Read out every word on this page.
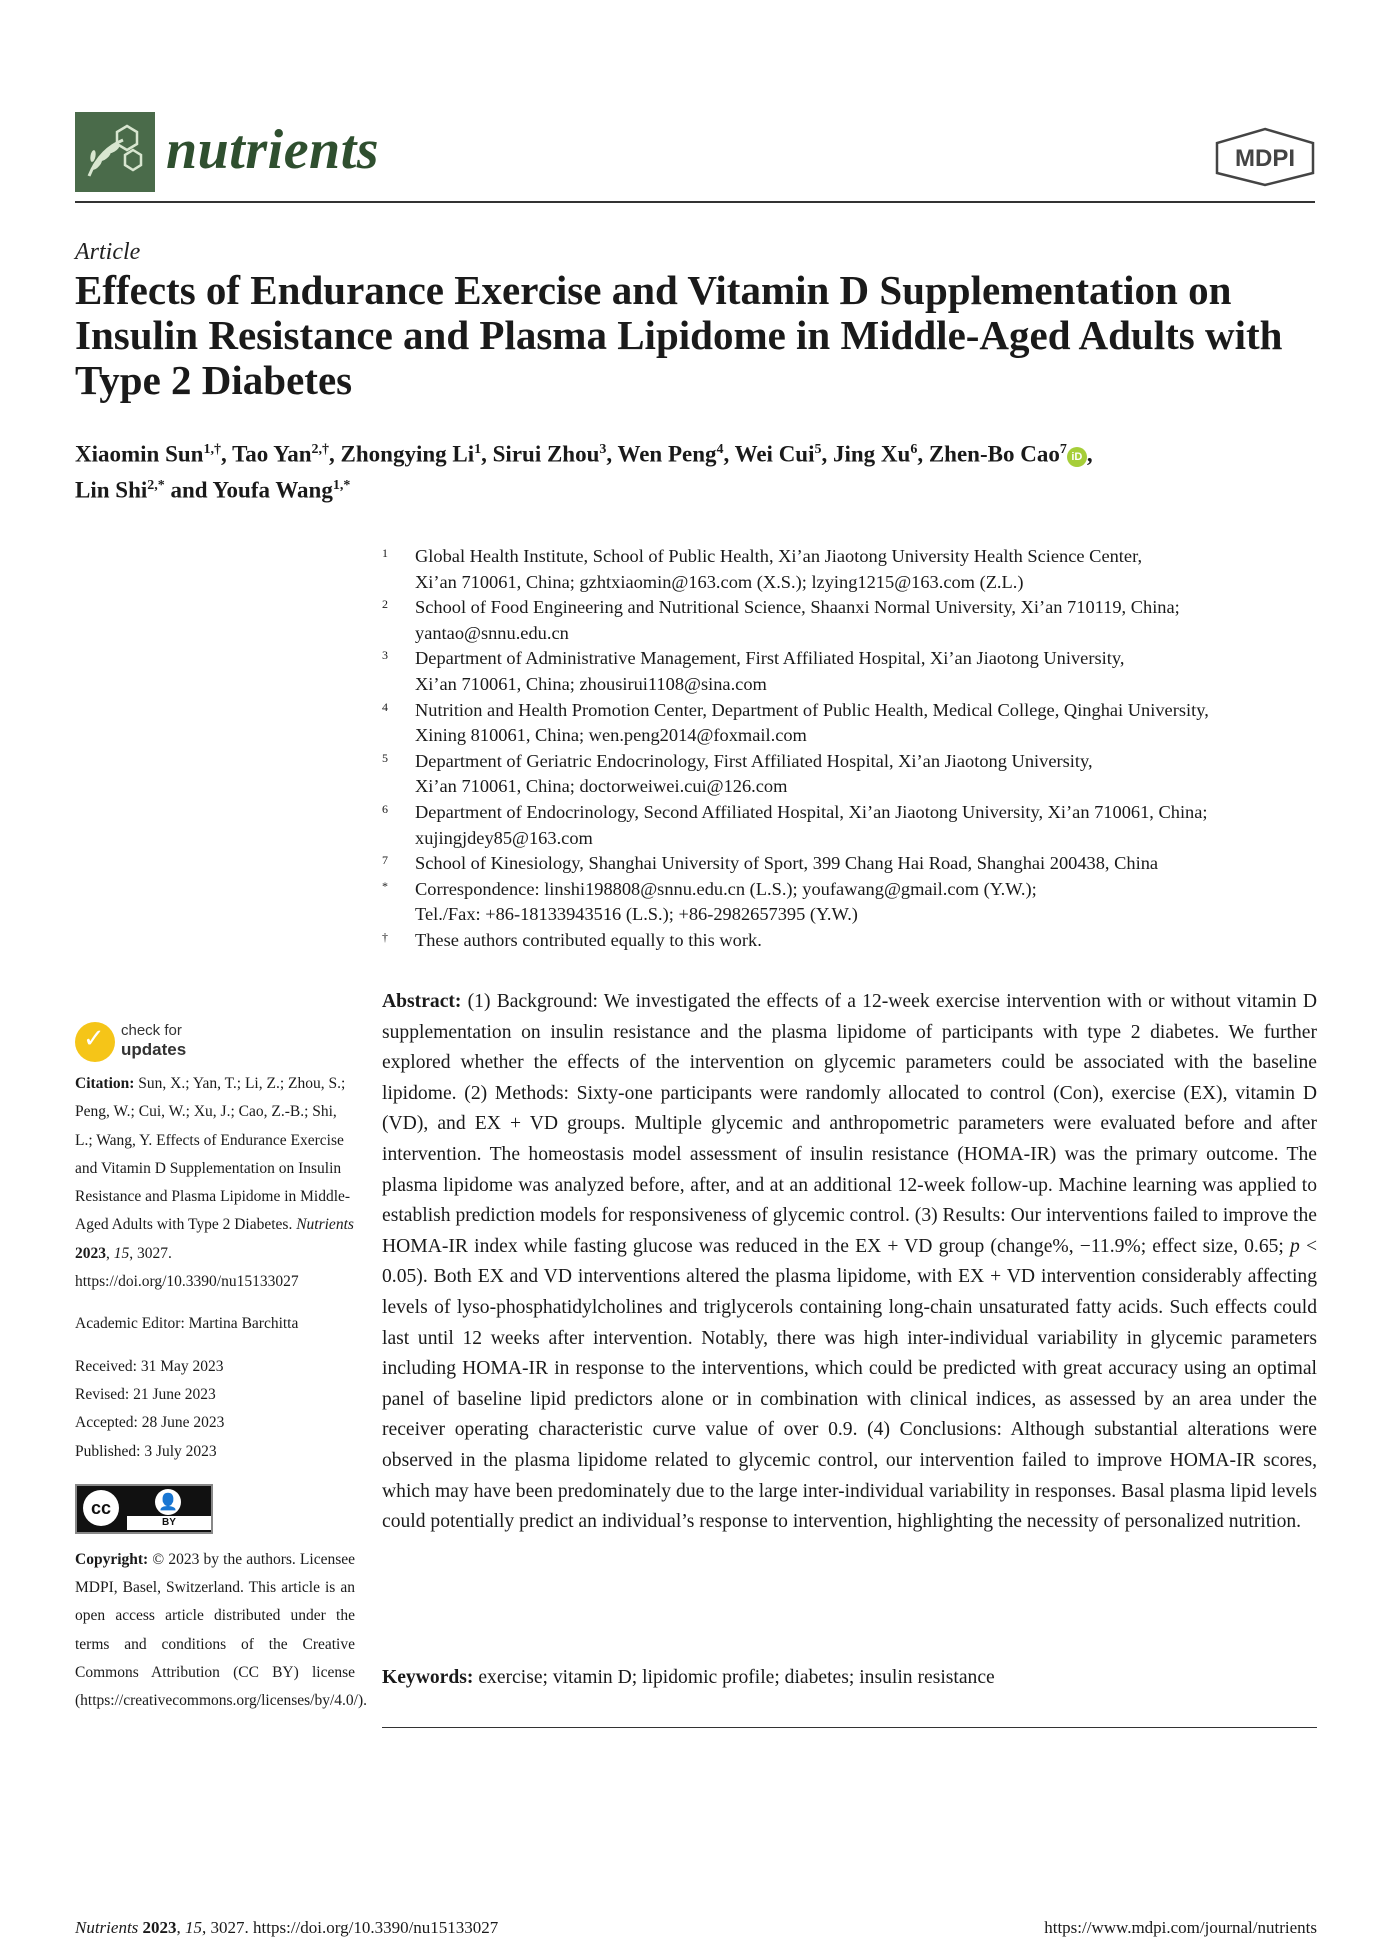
nutrients	MDPI
Article
Effects of Endurance Exercise and Vitamin D Supplementation on Insulin Resistance and Plasma Lipidome in Middle-Aged Adults with Type 2 Diabetes
Xiaomin Sun$^{1,\dagger}$, Tao Yan$^{2,\dagger}$, Zhongying Li$^1$, Sirui Zhou$^3$, Wen Peng$^4$, Wei Cui$^5$, Jing Xu$^6$, Zhen-Bo Cao$^7$ iD ,
Lin Shi$^{2,*}$ and Youfa Wang$^{1,*}$
1 Global Health Institute, School of Public Health, Xi’an Jiaotong University Health Science Center,
Xi’an 710061, China; gzhtxiaomin@163.com (X.S.); lzying1215@163.com (Z.L.)
2 School of Food Engineering and Nutritional Science, Shaanxi Normal University, Xi’an 710119, China;
yantao@snnu.edu.cn
3 Department of Administrative Management, First Affiliated Hospital, Xi’an Jiaotong University,
Xi’an 710061, China; zhousirui1108@sina.com
4 Nutrition and Health Promotion Center, Department of Public Health, Medical College, Qinghai University,
Xining 810061, China; wen.peng2014@foxmail.com
5 Department of Geriatric Endocrinology, First Affiliated Hospital, Xi’an Jiaotong University,
Xi’an 710061, China; doctorweiwei.cui@126.com
6 Department of Endocrinology, Second Affiliated Hospital, Xi’an Jiaotong University, Xi’an 710061, China;
xujingjdey85@163.com
7 School of Kinesiology, Shanghai University of Sport, 399 Chang Hai Road, Shanghai 200438, China
* Correspondence: linshi198808@snnu.edu.cn (L.S.); youfawang@gmail.com (Y.W.);
Tel./Fax: +86-18133943516 (L.S.); +86-2982657395 (Y.W.)
† These authors contributed equally to this work.
✓ check for
updates

Citation: Sun, X.; Yan, T.; Li, Z.; Zhou, S.; Peng, W.; Cui, W.; Xu, J.; Cao, Z.-B.; Shi, L.; Wang, Y. Effects of Endurance Exercise and Vitamin D Supplementation on Insulin Resistance and Plasma Lipidome in Middle-Aged Adults with Type 2 Diabetes. Nutrients 2023, 15, 3027. https://doi.org/10.3390/nu15133027

Academic Editor: Martina Barchitta

Received: 31 May 2023

Revised: 21 June 2023

Accepted: 28 June 2023

Published: 3 July 2023

cc	👤
BY

Copyright: © 2023 by the authors. Licensee MDPI, Basel, Switzerland. This article is an open access article distributed under the terms and conditions of the Creative Commons Attribution (CC BY) license (https://creativecommons.org/licenses/by/4.0/).

Abstract: (1) Background: We investigated the effects of a 12-week exercise intervention with or without vitamin D supplementation on insulin resistance and the plasma lipidome of participants with type 2 diabetes. We further explored whether the effects of the intervention on glycemic parameters could be associated with the baseline lipidome. (2) Methods: Sixty-one participants were randomly allocated to control (Con), exercise (EX), vitamin D (VD), and EX + VD groups. Multiple glycemic and anthropometric parameters were evaluated before and after intervention. The homeostasis model assessment of insulin resistance (HOMA-IR) was the primary outcome. The plasma lipidome was analyzed before, after, and at an additional 12-week follow-up. Machine learning was applied to establish prediction models for responsiveness of glycemic control. (3) Results: Our interventions failed to improve the HOMA-IR index while fasting glucose was reduced in the EX + VD group (change%, −11.9%; effect size, 0.65; p < 0.05). Both EX and VD interventions altered the plasma lipidome, with EX + VD intervention considerably affecting levels of lyso-phosphatidylcholines and triglycerols containing long-chain unsaturated fatty acids. Such effects could last until 12 weeks after intervention. Notably, there was high inter-individual variability in glycemic parameters including HOMA-IR in response to the interventions, which could be predicted with great accuracy using an optimal panel of baseline lipid predictors alone or in combination with clinical indices, as assessed by an area under the receiver operating characteristic curve value of over 0.9. (4) Conclusions: Although substantial alterations were observed in the plasma lipidome related to glycemic control, our intervention failed to improve HOMA-IR scores, which may have been predominately due to the large inter-individual variability in responses. Basal plasma lipid levels could potentially predict an individual’s response to intervention, highlighting the necessity of personalized nutrition.
Keywords: exercise; vitamin D; lipidomic profile; diabetes; insulin resistance
Nutrients 2023, 15, 3027. https://doi.org/10.3390/nu15133027	https://www.mdpi.com/journal/nutrients
